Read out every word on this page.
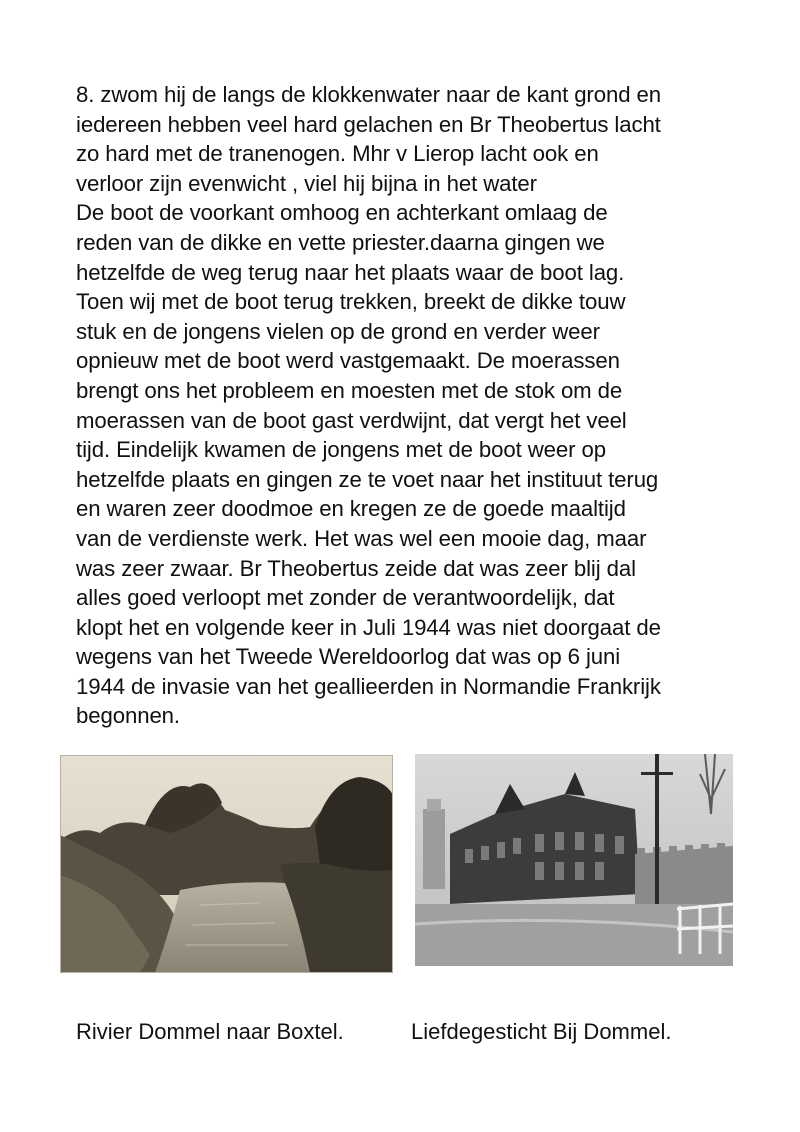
8. zwom hij de langs de klokkenwater naar de kant grond en
iedereen hebben veel hard gelachen en Br Theobertus lacht
zo hard met de tranenogen. Mhr v Lierop lacht ook en
verloor zijn evenwicht , viel hij bijna in het water
De boot de voorkant omhoog en achterkant omlaag de
reden van de dikke en vette priester.daarna gingen we
hetzelfde de weg terug naar het plaats waar de boot lag.
Toen wij met de boot terug trekken, breekt de dikke touw
stuk en de jongens vielen op de grond en verder weer
opnieuw met de boot werd vastgemaakt. De moerassen
brengt ons het probleem en moesten met de stok om de
moerassen van de boot gast verdwijnt, dat vergt het veel
tijd. Eindelijk kwamen de jongens met de boot weer op
hetzelfde plaats en gingen ze te voet naar het instituut terug
en waren zeer doodmoe en kregen ze de goede maaltijd
van de verdienste werk. Het was wel een mooie dag, maar
was zeer zwaar. Br Theobertus zeide dat was zeer blij dal
alles goed verloopt met zonder de verantwoordelijk, dat
klopt het en volgende keer in Juli 1944 was niet doorgaat de
wegens van het Tweede Wereldoorlog dat was op 6 juni
1944 de invasie van het geallieerden in Normandie Frankrijk
begonnen.
Rivier Dommel naar Boxtel.	Liefdegesticht Bij Dommel.
